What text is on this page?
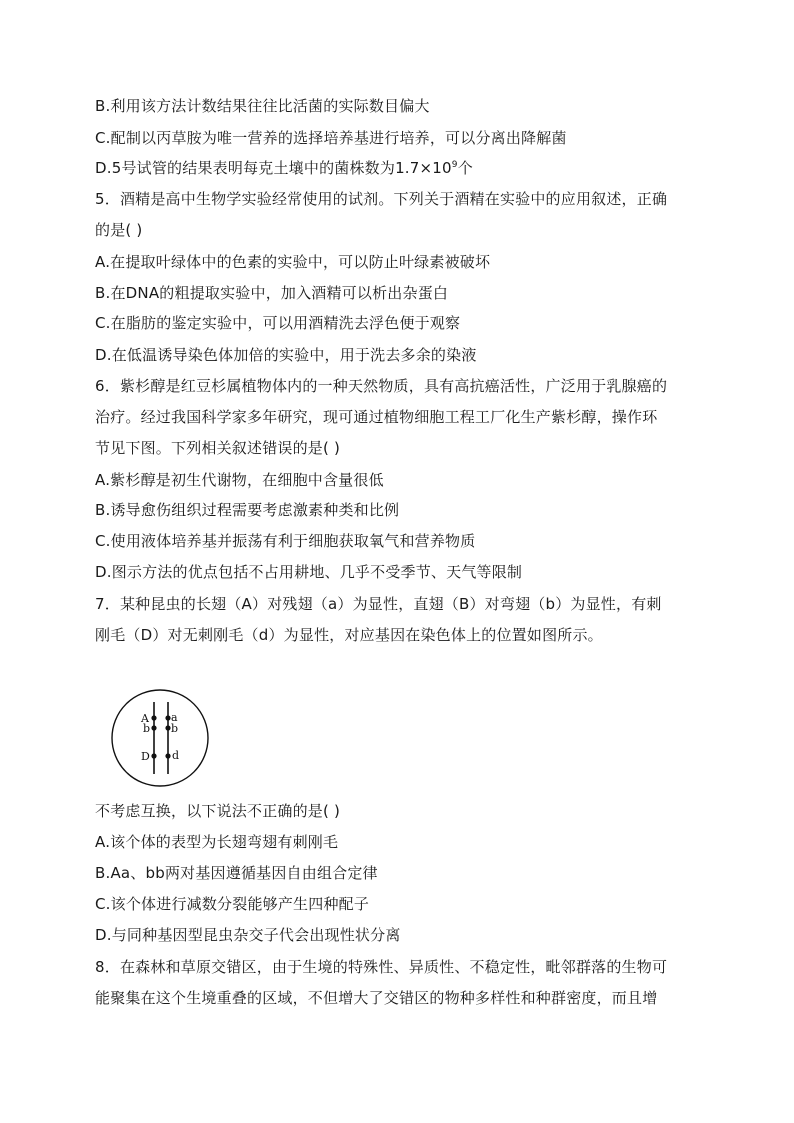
B.利用该方法计数结果往往比活菌的实际数目偏大
C.配制以丙草胺为唯一营养的选择培养基进行培养，可以分离出降解菌
D.5号试管的结果表明每克土壤中的菌株数为$1.7\times 10^9$个
5．酒精是高中生物学实验经常使用的试剂。下列关于酒精在实验中的应用叙述，正确
的是( )
A.在提取叶绿体中的色素的实验中，可以防止叶绿素被破坏
B.在DNA的粗提取实验中，加入酒精可以析出杂蛋白
C.在脂肪的鉴定实验中，可以用酒精洗去浮色便于观察
D.在低温诱导染色体加倍的实验中，用于洗去多余的染液
6．紫杉醇是红豆杉属植物体内的一种天然物质，具有高抗癌活性，广泛用于乳腺癌的
治疗。经过我国科学家多年研究，现可通过植物细胞工程工厂化生产紫杉醇，操作环
节见下图。下列相关叙述错误的是( )
A.紫杉醇是初生代谢物，在细胞中含量很低
B.诱导愈伤组织过程需要考虑激素种类和比例
C.使用液体培养基并振荡有利于细胞获取氧气和营养物质
D.图示方法的优点包括不占用耕地、几乎不受季节、天气等限制
7．某种昆虫的长翅（A）对残翅（a）为显性，直翅（B）对弯翅（b）为显性，有刺
刚毛（D）对无刺刚毛（d）为显性，对应基因在染色体上的位置如图所示。
A a
b b
D d
不考虑互换，以下说法不正确的是( )
A.该个体的表型为长翅弯翅有刺刚毛
B.Aa、bb两对基因遵循基因自由组合定律
C.该个体进行减数分裂能够产生四种配子
D.与同种基因型昆虫杂交子代会出现性状分离
8．在森林和草原交错区，由于生境的特殊性、异质性、不稳定性，毗邻群落的生物可
能聚集在这个生境重叠的区域，不但增大了交错区的物种多样性和种群密度，而且增
